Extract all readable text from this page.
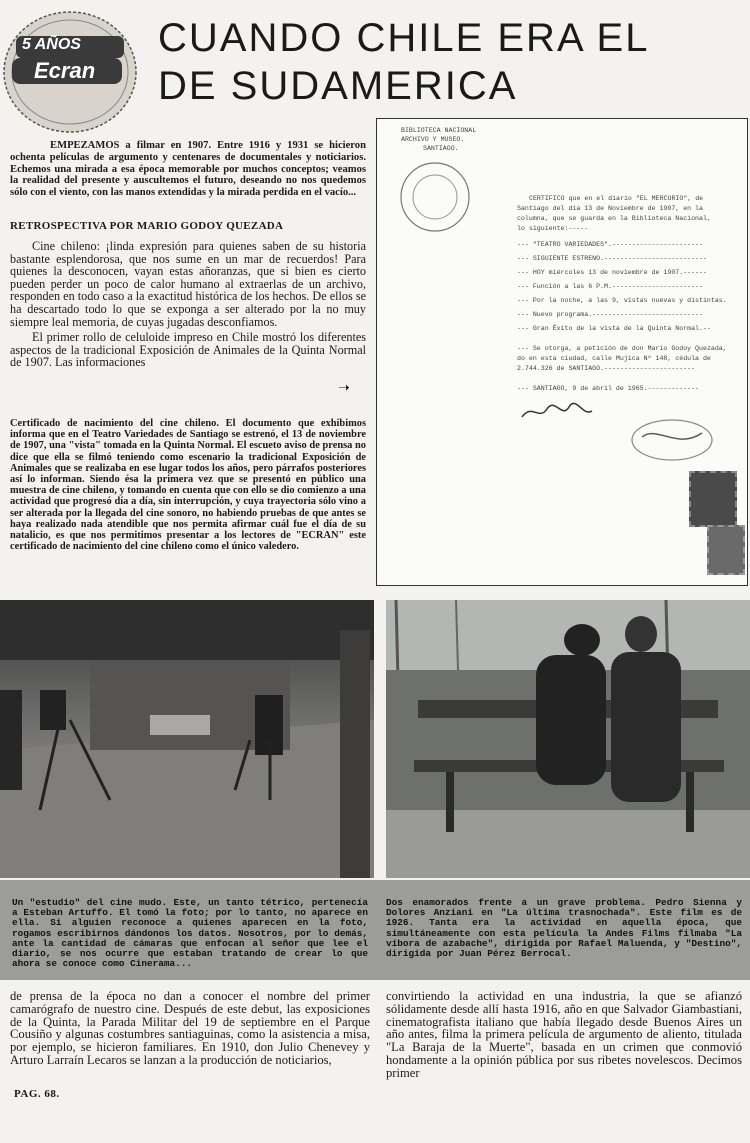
5 AÑOS
Ecran
CUANDO CHILE ERA EL
DE SUDAMERICA
EMPEZAMOS a filmar en 1907. Entre 1916 y 1931 se hicieron ochenta películas de argumento y centenares de documentales y noticiarios. Echemos una mirada a esa época memorable por muchos conceptos; veamos la realidad del presente y auscultemos el futuro, deseando no nos quedemos sólo con el viento, con las manos extendidas y la mirada perdida en el vacío...
RETROSPECTIVA POR MARIO GODOY QUEZADA

Cine chileno: ¡linda expresión para quienes saben de su historia bastante esplendorosa, que nos sume en un mar de recuerdos! Para quienes la desconocen, vayan estas añoranzas, que si bien es cierto pueden perder un poco de calor humano al extraerlas de un archivo, responden en todo caso a la exactitud histórica de los hechos. De ellos se ha descartado todo lo que se exponga a ser alterado por la no muy siempre leal memoria, de cuyas jugadas desconfiamos.

El primer rollo de celuloide impreso en Chile mostró los diferentes aspectos de la tradicional Exposición de Animales de la Quinta Normal de 1907. Las informaciones

➝
Certificado de nacimiento del cine chileno. El documento que exhibimos informa que en el Teatro Variedades de Santiago se estrenó, el 13 de noviembre de 1907, una "vista" tomada en la Quinta Normal. El escueto aviso de prensa no dice que ella se filmó teniendo como escenario la tradicional Exposición de Animales que se realizaba en ese lugar todos los años, pero párrafos posteriores así lo informan. Siendo ésa la primera vez que se presentó en público una muestra de cine chileno, y tomando en cuenta que con ello se dio comienzo a una actividad que progresó día a día, sin interrupción, y cuya trayectoria sólo vino a ser alterada por la llegada del cine sonoro, no habiendo pruebas de que antes se haya realizado nada atendible que nos permita afirmar cuál fue el día de su natalicio, es que nos permitimos presentar a los lectores de "ECRAN" este certificado de nacimiento del cine chileno como el único valedero.
BIBLIOTECA NACIONAL
ARCHIVO Y MUSEO.
SANTIAGO.
CERTIFICO que en el diario "EL MERCURIO", de
Santiago del día 13 de Noviembre de 1907, en la
columna, que se guarda en la Biblioteca Nacional,
lo siguiente:-----
--- "TEATRO VARIEDADES".-----------------------
--- SIGUIENTE ESTRENO.--------------------------
--- HOY miércoles 13 de noviembre de 1907.------
--- Función a las 6 P.M.-----------------------
--- Por la noche, a las 9, vistas nuevas y distintas.
--- Nuevo programa.----------------------------
--- Gran Éxito de la vista de la Quinta Normal.--
--- Se otorga, a petición de don Mario Godoy Quezada,
do en esta ciudad, calle Mujica Nº 148, cédula de
2.744.326 de SANTIAGO.-----------------------
--- SANTIAGO, 9 de abril de 1965.-------------
Un "estudio" del cine mudo. Este, un tanto tétrico, pertenecía a Esteban Artuffo. El tomó la foto; por lo tanto, no aparece en ella. Si alguien reconoce a quienes aparecen en la foto, rogamos escribirnos dándonos los datos. Nosotros, por lo demás, ante la cantidad de cámaras que enfocan al señor que lee el diario, se nos ocurre que estaban tratando de crear lo que ahora se conoce como Cinerama...
Dos enamorados frente a un grave problema. Pedro Sienna y Dolores Anziani en "La última trasnochada". Este film es de 1926. Tanta era la actividad en aquella época, que simultáneamente con esta película la Andes Films filmaba "La víbora de azabache", dirigida por Rafael Maluenda, y "Destino", dirigida por Juan Pérez Berrocal.
de prensa de la época no dan a conocer el nombre del primer camarógrafo de nuestro cine. Después de este debut, las exposiciones de la Quinta, la Parada Militar del 19 de septiembre en el Parque Cousiño y algunas costumbres santiaguinas, como la asistencia a misa, por ejemplo, se hicieron familiares. En 1910, don Julio Chenevey y Arturo Larraín Lecaros se lanzan a la producción de noticiarios,
convirtiendo la actividad en una industria, la que se afianzó sólidamente desde allí hasta 1916, año en que Salvador Giambastiani, cinematografista italiano que había llegado desde Buenos Aires un año antes, filma la primera película de argumento de aliento, titulada "La Baraja de la Muerte", basada en un crimen que conmovió hondamente a la opinión pública por sus ribetes novelescos. Decimos primer
PAG. 68.
